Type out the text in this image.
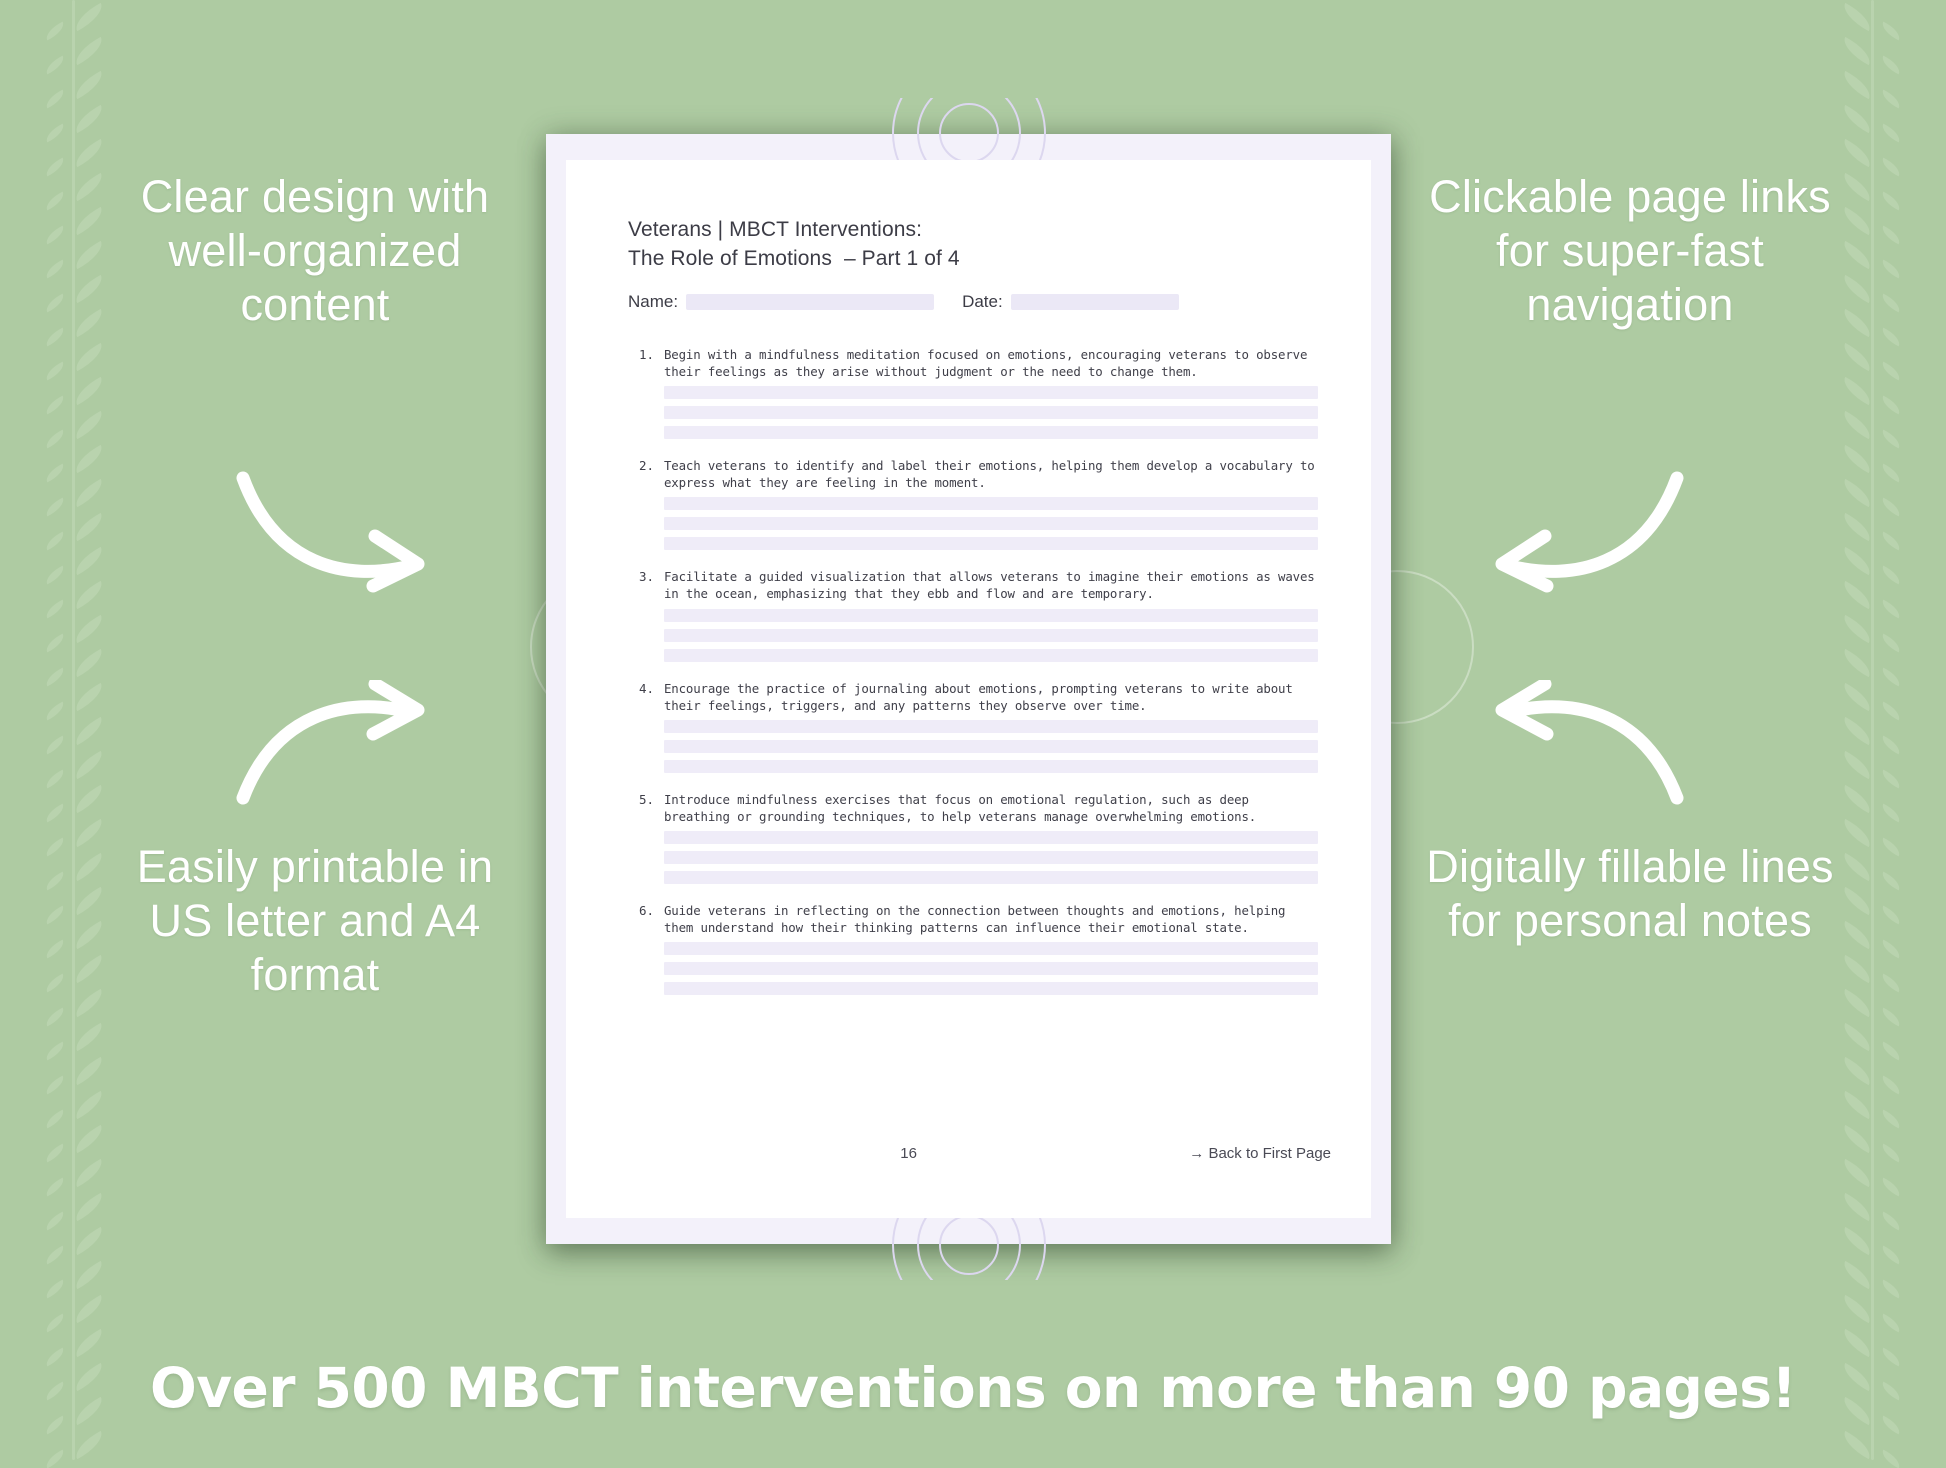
Clear design with well-organized content
Easily printable in US letter and A4 format
Clickable page links for super-fast navigation
Digitally fillable lines for personal notes
Veterans | MBCT Interventions:
The Role of Emotions – Part 1 of 4
Name:	Date:
1. Begin with a mindfulness meditation focused on emotions, encouraging veterans to observe their feelings as they arise without judgment or the need to change them.
2. Teach veterans to identify and label their emotions, helping them develop a vocabulary to express what they are feeling in the moment.
3. Facilitate a guided visualization that allows veterans to imagine their emotions as waves in the ocean, emphasizing that they ebb and flow and are temporary.
4. Encourage the practice of journaling about emotions, prompting veterans to write about their feelings, triggers, and any patterns they observe over time.
5. Introduce mindfulness exercises that focus on emotional regulation, such as deep breathing or grounding techniques, to help veterans manage overwhelming emotions.
6. Guide veterans in reflecting on the connection between thoughts and emotions, helping them understand how their thinking patterns can influence their emotional state.
16	→ Back to First Page
Over 500 MBCT interventions on more than 90 pages!
